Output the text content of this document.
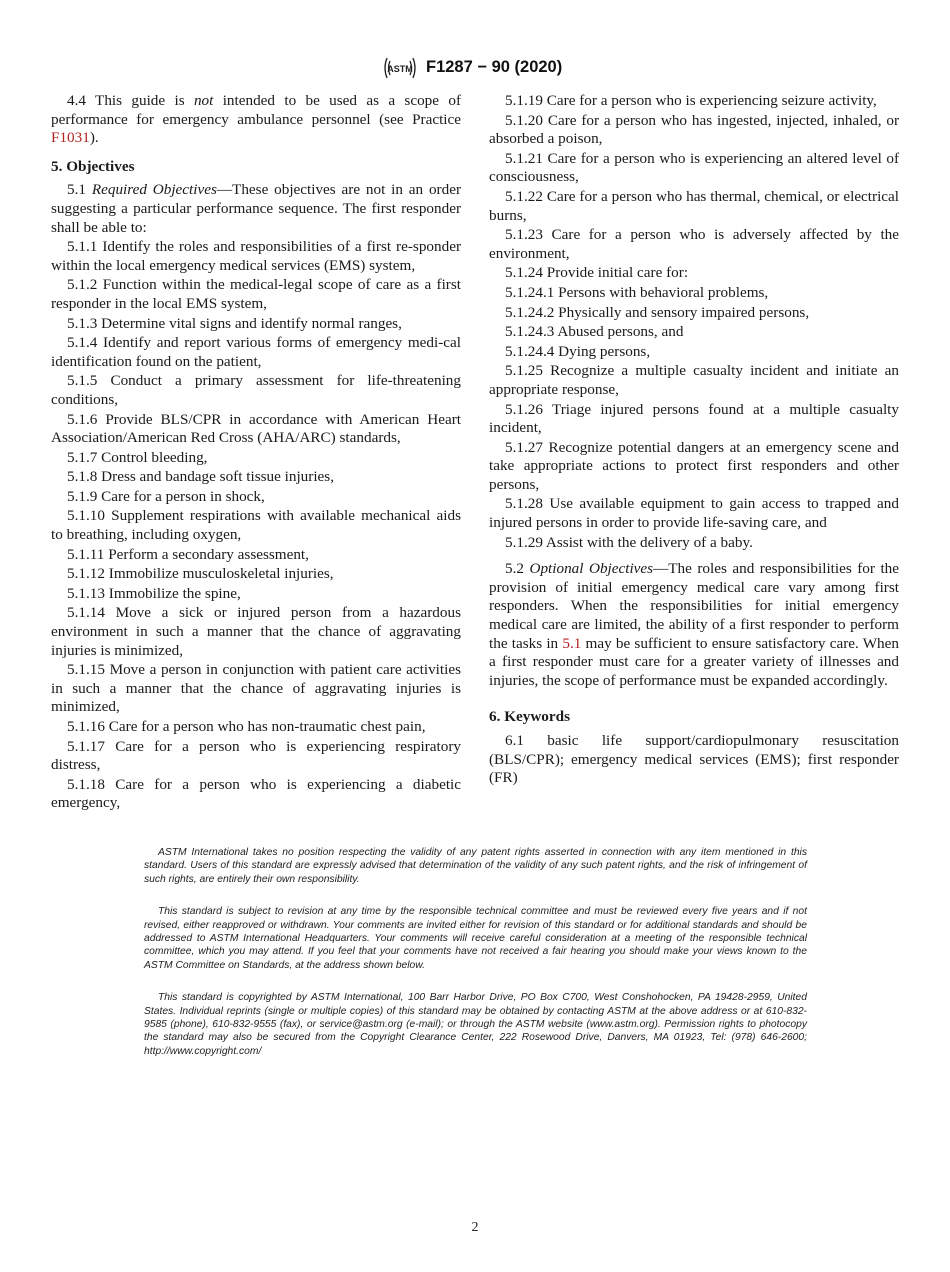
ASTM F1287 − 90 (2020)

4.4 This guide is not intended to be used as a scope of performance for emergency ambulance personnel (see Practice F1031).

5. Objectives

5.1 Required Objectives—These objectives are not in an order suggesting a particular performance sequence. The first responder shall be able to:

5.1.1 Identify the roles and responsibilities of a first re-sponder within the local emergency medical services (EMS) system,

5.1.2 Function within the medical-legal scope of care as a first responder in the local EMS system,

5.1.3 Determine vital signs and identify normal ranges,

5.1.4 Identify and report various forms of emergency medi-cal identification found on the patient,

5.1.5 Conduct a primary assessment for life-threatening conditions,

5.1.6 Provide BLS/CPR in accordance with American Heart Association/American Red Cross (AHA/ARC) standards,

5.1.7 Control bleeding,

5.1.8 Dress and bandage soft tissue injuries,

5.1.9 Care for a person in shock,

5.1.10 Supplement respirations with available mechanical aids to breathing, including oxygen,

5.1.11 Perform a secondary assessment,

5.1.12 Immobilize musculoskeletal injuries,

5.1.13 Immobilize the spine,

5.1.14 Move a sick or injured person from a hazardous environment in such a manner that the chance of aggravating injuries is minimized,

5.1.15 Move a person in conjunction with patient care activities in such a manner that the chance of aggravating injuries is minimized,

5.1.16 Care for a person who has non-traumatic chest pain,

5.1.17 Care for a person who is experiencing respiratory distress,

5.1.18 Care for a person who is experiencing a diabetic emergency,

5.1.19 Care for a person who is experiencing seizure activity,

5.1.20 Care for a person who has ingested, injected, inhaled, or absorbed a poison,

5.1.21 Care for a person who is experiencing an altered level of consciousness,

5.1.22 Care for a person who has thermal, chemical, or electrical burns,

5.1.23 Care for a person who is adversely affected by the environment,

5.1.24 Provide initial care for:

5.1.24.1 Persons with behavioral problems,

5.1.24.2 Physically and sensory impaired persons,

5.1.24.3 Abused persons, and

5.1.24.4 Dying persons,

5.1.25 Recognize a multiple casualty incident and initiate an appropriate response,

5.1.26 Triage injured persons found at a multiple casualty incident,

5.1.27 Recognize potential dangers at an emergency scene and take appropriate actions to protect first responders and other persons,

5.1.28 Use available equipment to gain access to trapped and injured persons in order to provide life-saving care, and

5.1.29 Assist with the delivery of a baby.

5.2 Optional Objectives—The roles and responsibilities for the provision of initial emergency medical care vary among first responders. When the responsibilities for initial emergency medical care are limited, the ability of a first responder to perform the tasks in 5.1 may be sufficient to ensure satisfactory care. When a first responder must care for a greater variety of illnesses and injuries, the scope of performance must be expanded accordingly.

6. Keywords

6.1 basic life support/cardiopulmonary resuscitation (BLS/CPR); emergency medical services (EMS); first responder (FR)

ASTM International takes no position respecting the validity of any patent rights asserted in connection with any item mentioned in this standard. Users of this standard are expressly advised that determination of the validity of any such patent rights, and the risk of infringement of such rights, are entirely their own responsibility.

This standard is subject to revision at any time by the responsible technical committee and must be reviewed every five years and if not revised, either reapproved or withdrawn. Your comments are invited either for revision of this standard or for additional standards and should be addressed to ASTM International Headquarters. Your comments will receive careful consideration at a meeting of the responsible technical committee, which you may attend. If you feel that your comments have not received a fair hearing you should make your views known to the ASTM Committee on Standards, at the address shown below.

This standard is copyrighted by ASTM International, 100 Barr Harbor Drive, PO Box C700, West Conshohocken, PA 19428-2959, United States. Individual reprints (single or multiple copies) of this standard may be obtained by contacting ASTM at the above address or at 610-832-9585 (phone), 610-832-9555 (fax), or service@astm.org (e-mail); or through the ASTM website (www.astm.org). Permission rights to photocopy the standard may also be secured from the Copyright Clearance Center, 222 Rosewood Drive, Danvers, MA 01923, Tel: (978) 646-2600; http://www.copyright.com/

2
